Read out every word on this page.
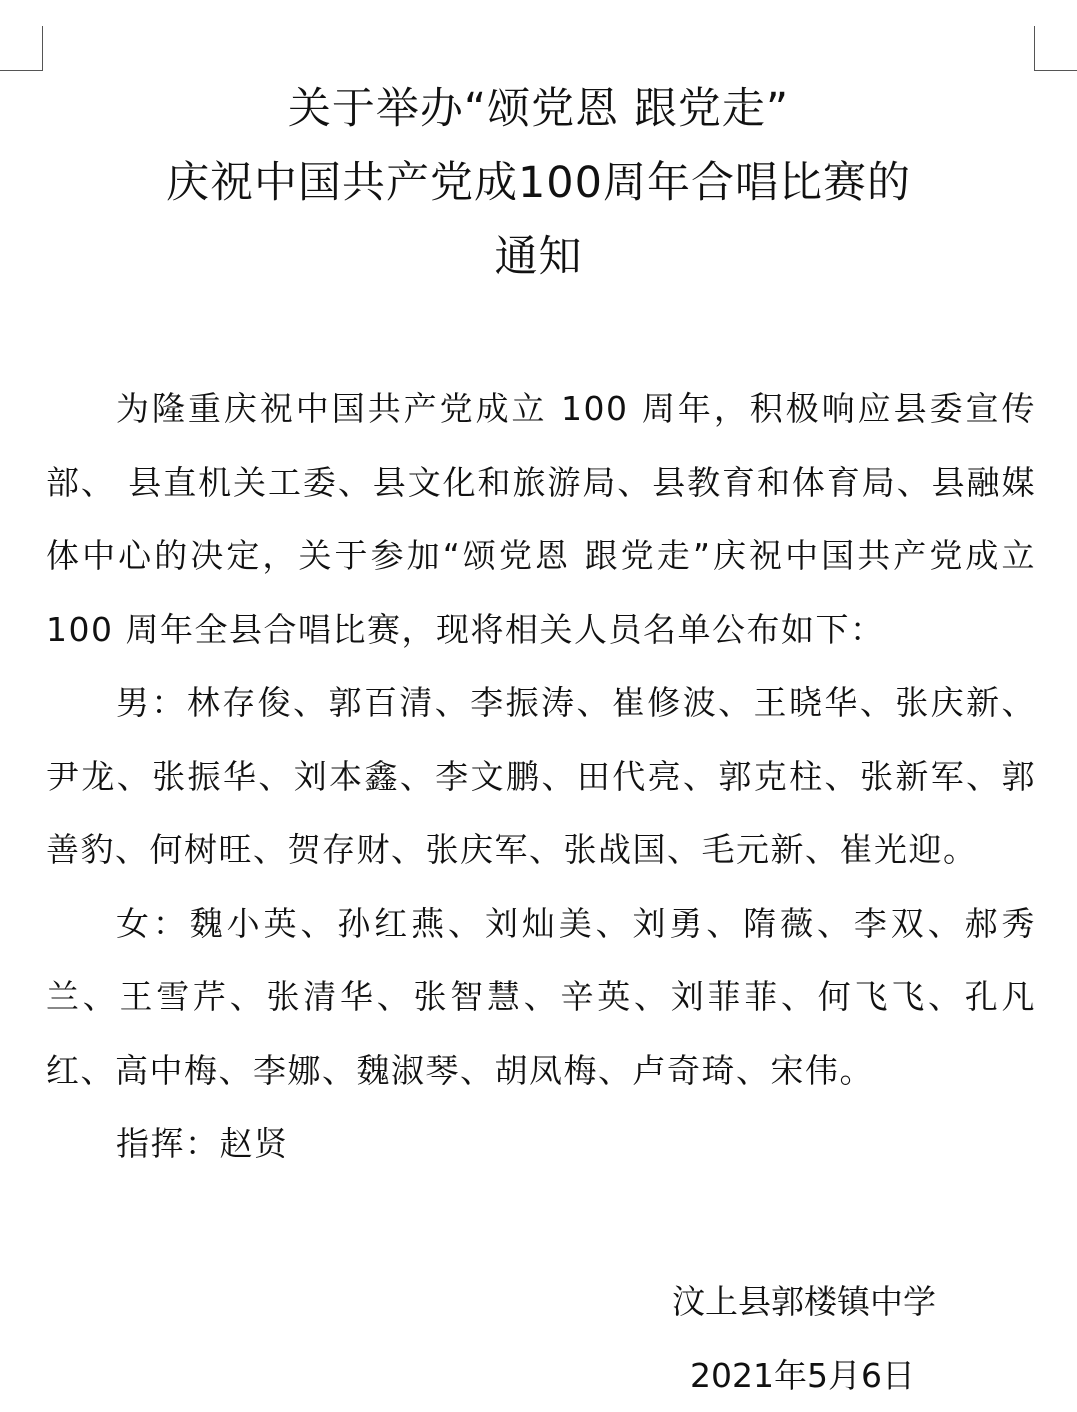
关于举办“颂党恩 跟党走”
庆祝中国共产党成100周年合唱比赛的
通知

为隆重庆祝中国共产党成立 100 周年，积极响应县委宣传部、 县直机关工委、县文化和旅游局、县教育和体育局、县融媒体中心的决定，关于参加“颂党恩 跟党走”庆祝中国共产党成立 100 周年全县合唱比赛，现将相关人员名单公布如下：

男：林存俊、郭百清、李振涛、崔修波、王晓华、张庆新、尹龙、张振华、刘本鑫、李文鹏、田代亮、郭克柱、张新军、郭善豹、何树旺、贺存财、张庆军、张战国、毛元新、崔光迎。

女：魏小英、孙红燕、刘灿美、刘勇、隋薇、李双、郝秀兰、王雪芹、张清华、张智慧、辛英、刘菲菲、何飞飞、孔凡红、高中梅、李娜、魏淑琴、胡凤梅、卢奇琦、宋伟。

指挥：赵贤

汶上县郭楼镇中学
2021年5月6日
